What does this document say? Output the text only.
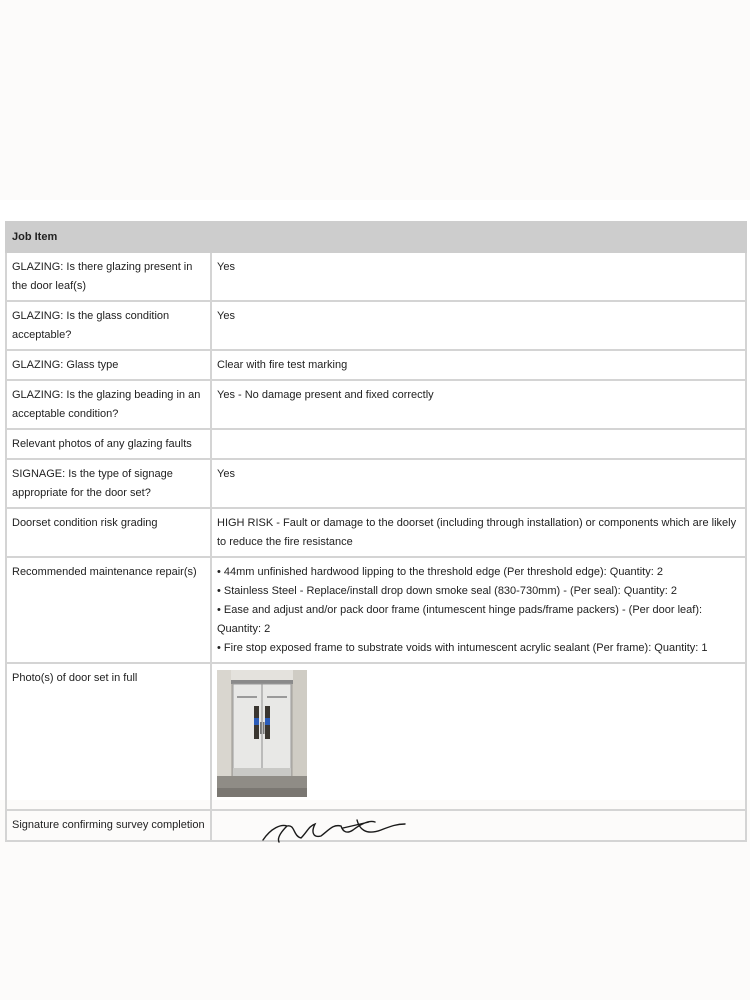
Job Item	
GLAZING: Is there glazing present in the door leaf(s)	Yes
GLAZING: Is the glass condition acceptable?	Yes
GLAZING: Glass type	Clear with fire test marking
GLAZING: Is the glazing beading in an acceptable condition?	Yes - No damage present and fixed correctly
Relevant photos of any glazing faults	
SIGNAGE: Is the type of signage appropriate for the door set?	Yes
Doorset condition risk grading	HIGH RISK - Fault or damage to the doorset (including through installation) or components which are likely to reduce the fire resistance
Recommended maintenance repair(s)	• 44mm unfinished hardwood lipping to the threshold edge (Per threshold edge): Quantity: 2
• Stainless Steel - Replace/install drop down smoke seal (830-730mm) - (Per seal): Quantity: 2
• Ease and adjust and/or pack door frame (intumescent hinge pads/frame packers) - (Per door leaf): Quantity: 2
• Fire stop exposed frame to substrate voids with intumescent acrylic sealant (Per frame): Quantity: 1

Photo(s) of door set in full	

Signature confirming survey completion	
